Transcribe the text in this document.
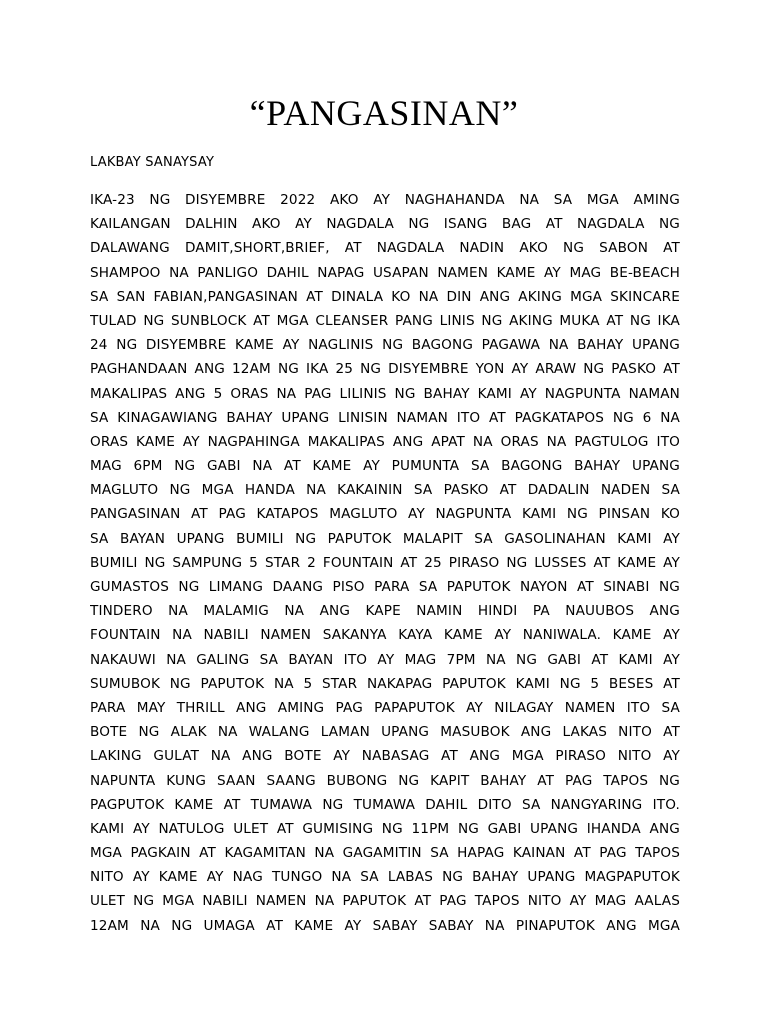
“PANGASINAN”

LAKBAY SANAYSAY

IKA-23 NG DISYEMBRE 2022 AKO AY NAGHAHANDA NA SA MGA AMING
KAILANGAN DALHIN AKO AY NAGDALA NG ISANG BAG AT NAGDALA NG
DALAWANG DAMIT,SHORT,BRIEF, AT NAGDALA NADIN AKO NG SABON AT
SHAMPOO NA PANLIGO DAHIL NAPAG USAPAN NAMEN KAME AY MAG BE-BEACH
SA SAN FABIAN,PANGASINAN AT DINALA KO NA DIN ANG AKING MGA SKINCARE
TULAD NG SUNBLOCK AT MGA CLEANSER PANG LINIS NG AKING MUKA AT NG IKA
24 NG DISYEMBRE KAME AY NAGLINIS NG BAGONG PAGAWA NA BAHAY UPANG
PAGHANDAAN ANG 12AM NG IKA 25 NG DISYEMBRE YON AY ARAW NG PASKO AT
MAKALIPAS ANG 5 ORAS NA PAG LILINIS NG BAHAY KAMI AY NAGPUNTA NAMAN
SA KINAGAWIANG BAHAY UPANG LINISIN NAMAN ITO AT PAGKATAPOS NG 6 NA
ORAS KAME AY NAGPAHINGA MAKALIPAS ANG APAT NA ORAS NA PAGTULOG ITO
MAG 6PM NG GABI NA AT KAME AY PUMUNTA SA BAGONG BAHAY UPANG
MAGLUTO NG MGA HANDA NA KAKAININ SA PASKO AT DADALIN NADEN SA
PANGASINAN AT PAG KATAPOS MAGLUTO AY NAGPUNTA KAMI NG PINSAN KO
SA BAYAN UPANG BUMILI NG PAPUTOK MALAPIT SA GASOLINAHAN KAMI AY
BUMILI NG SAMPUNG 5 STAR 2 FOUNTAIN AT 25 PIRASO NG LUSSES AT KAME AY
GUMASTOS NG LIMANG DAANG PISO PARA SA PAPUTOK NAYON AT SINABI NG
TINDERO NA MALAMIG NA ANG KAPE NAMIN HINDI PA NAUUBOS ANG
FOUNTAIN NA NABILI NAMEN SAKANYA KAYA KAME AY NANIWALA. KAME AY
NAKAUWI NA GALING SA BAYAN ITO AY MAG 7PM NA NG GABI AT KAMI AY
SUMUBOK NG PAPUTOK NA 5 STAR NAKAPAG PAPUTOK KAMI NG 5 BESES AT
PARA MAY THRILL ANG AMING PAG PAPAPUTOK AY NILAGAY NAMEN ITO SA
BOTE NG ALAK NA WALANG LAMAN UPANG MASUBOK ANG LAKAS NITO AT
LAKING GULAT NA ANG BOTE AY NABASAG AT ANG MGA PIRASO NITO AY
NAPUNTA KUNG SAAN SAANG BUBONG NG KAPIT BAHAY AT PAG TAPOS NG
PAGPUTOK KAME AT TUMAWA NG TUMAWA DAHIL DITO SA NANGYARING ITO.
KAMI AY NATULOG ULET AT GUMISING NG 11PM NG GABI UPANG IHANDA ANG
MGA PAGKAIN AT KAGAMITAN NA GAGAMITIN SA HAPAG KAINAN AT PAG TAPOS
NITO AY KAME AY NAG TUNGO NA SA LABAS NG BAHAY UPANG MAGPAPUTOK
ULET NG MGA NABILI NAMEN NA PAPUTOK AT PAG TAPOS NITO AY MAG AALAS
12AM NA NG UMAGA AT KAME AY SABAY SABAY NA PINAPUTOK ANG MGA
